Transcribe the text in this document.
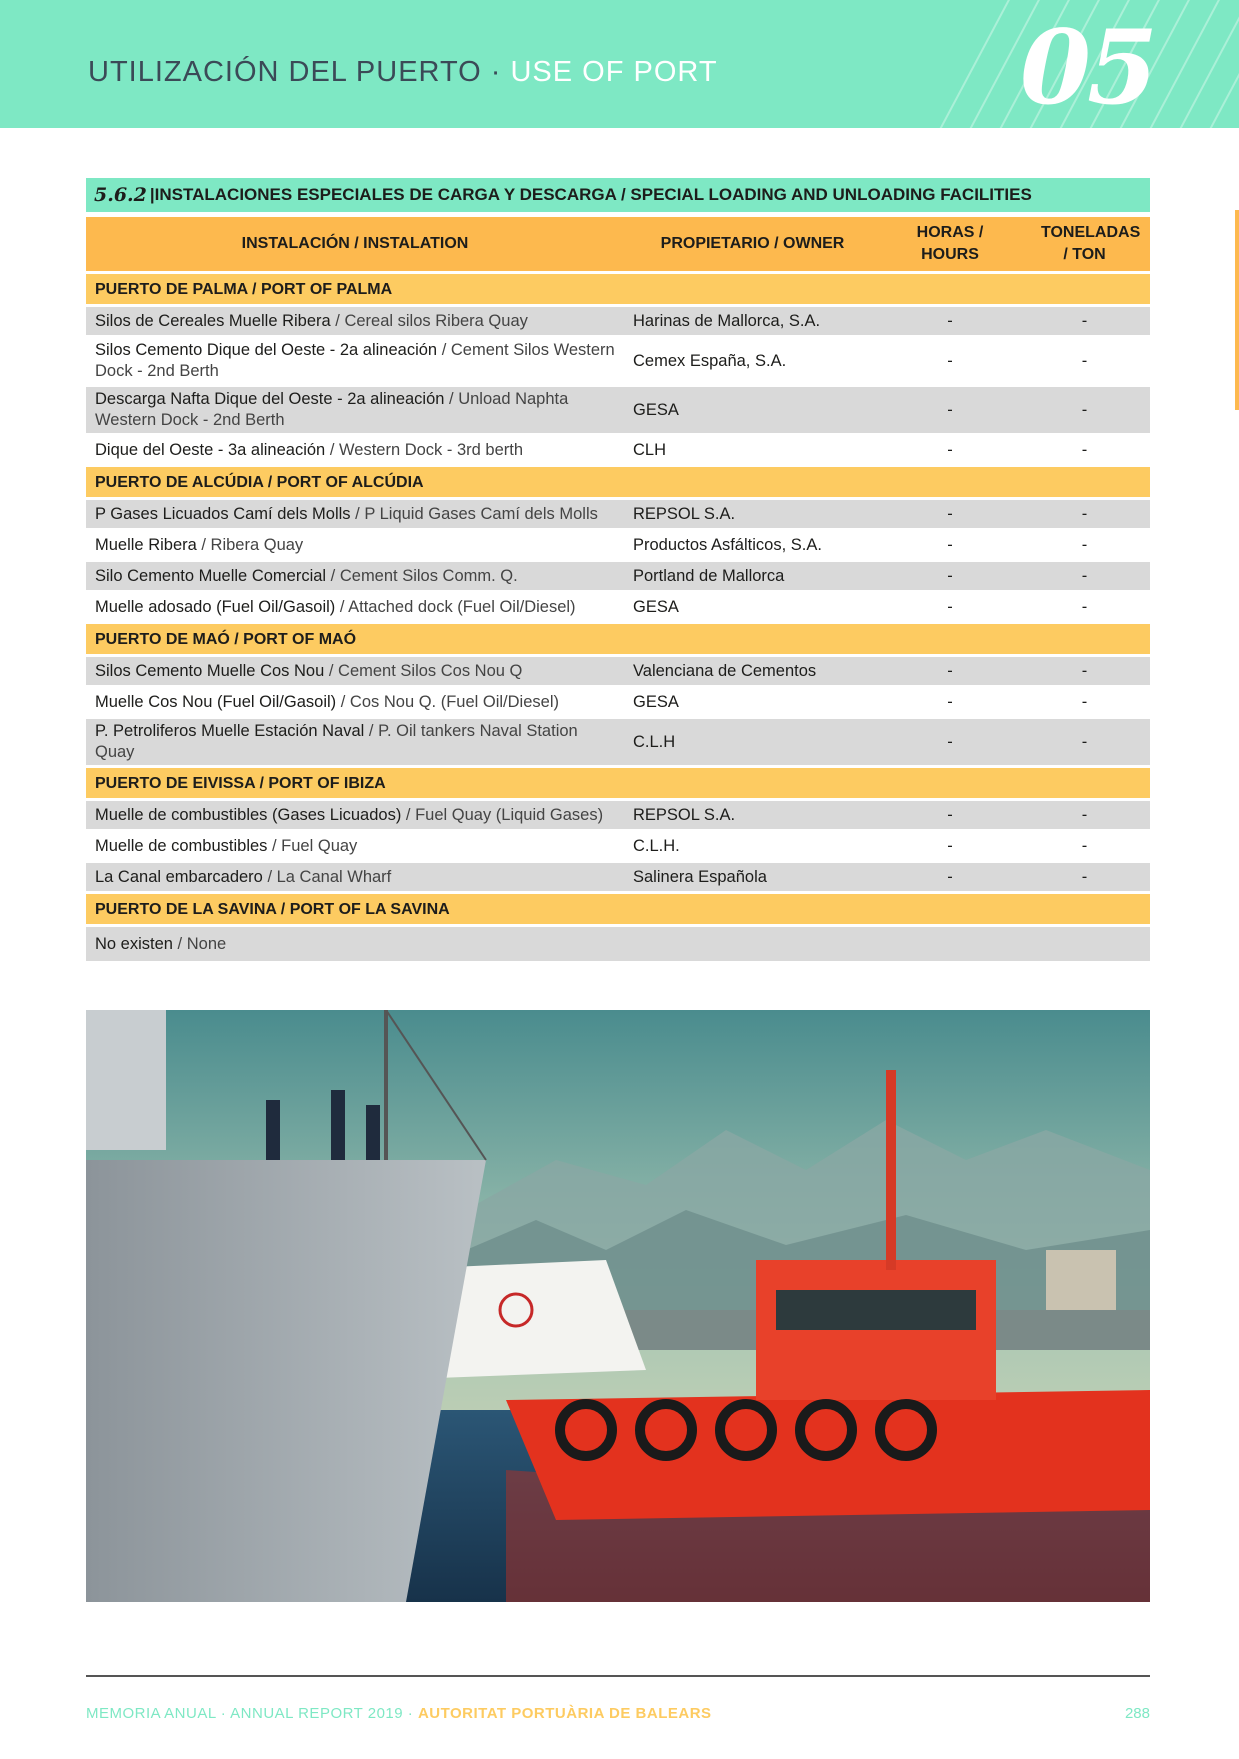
UTILIZACIÓN DEL PUERTO · USE OF PORT	05
5.6.2 | INSTALACIONES ESPECIALES DE CARGA Y DESCARGA / SPECIAL LOADING AND UNLOADING FACILITIES
INSTALACIÓN / INSTALATION	PROPIETARIO / OWNER	HORAS / HOURS	TONELADAS / TON
PUERTO DE PALMA / PORT OF PALMA			
Silos de Cereales Muelle Ribera / Cereal silos Ribera Quay	Harinas de Mallorca, S.A.	-	-
Silos Cemento Dique del Oeste - 2a alineación / Cement Silos Western Dock - 2nd Berth	Cemex España, S.A.	-	-
Descarga Nafta Dique del Oeste - 2a alineación / Unload Naphta Western Dock - 2nd Berth	GESA	-	-
Dique del Oeste - 3a alineación / Western Dock - 3rd berth	CLH	-	-
PUERTO DE ALCÚDIA / PORT OF ALCÚDIA			
P Gases Licuados Camí dels Molls / P Liquid Gases Camí dels Molls	REPSOL S.A.	-	-
Muelle Ribera / Ribera Quay	Productos Asfálticos, S.A.	-	-
Silo Cemento Muelle Comercial / Cement Silos Comm. Q.	Portland de Mallorca	-	-
Muelle adosado (Fuel Oil/Gasoil) / Attached dock (Fuel Oil/Diesel)	GESA	-	-
PUERTO DE MAÓ / PORT OF MAÓ			
Silos Cemento Muelle Cos Nou / Cement Silos Cos Nou Q	Valenciana de Cementos	-	-
Muelle Cos Nou (Fuel Oil/Gasoil) / Cos Nou Q. (Fuel Oil/Diesel)	GESA	-	-
P. Petroliferos Muelle Estación Naval / P. Oil tankers Naval Station Quay	C.L.H	-	-
PUERTO DE EIVISSA / PORT OF IBIZA			
Muelle de combustibles (Gases Licuados) / Fuel Quay (Liquid Gases)	REPSOL S.A.	-	-
Muelle de combustibles / Fuel Quay	C.L.H.	-	-
La Canal embarcadero / La Canal Wharf	Salinera Española	-	-
PUERTO DE LA SAVINA / PORT OF LA SAVINA			
No existen / None			
MEMORIA ANUAL · ANNUAL REPORT 2019 · AUTORITAT PORTUÀRIA DE BALEARS	288
